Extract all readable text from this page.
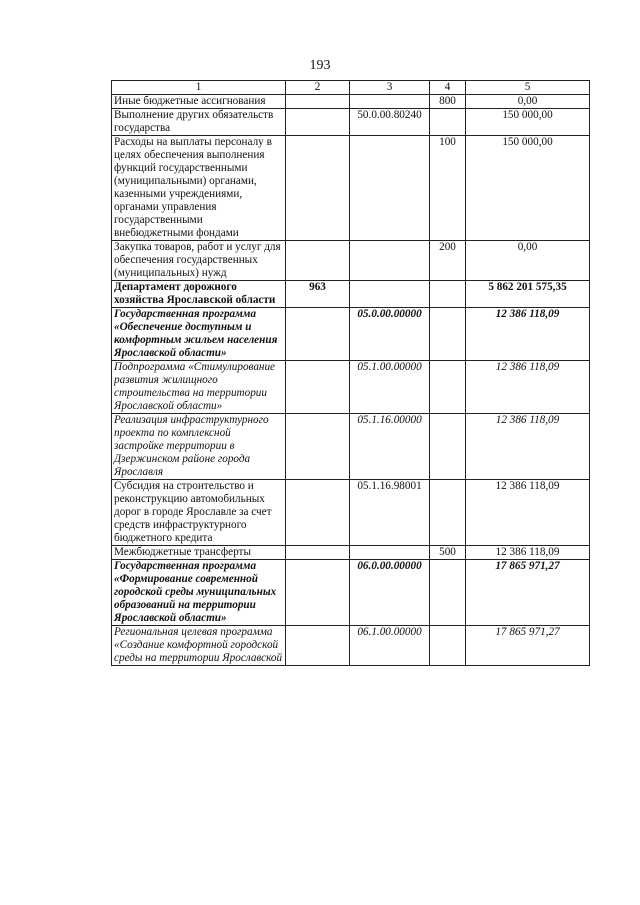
193
1	2	3	4	5
Иные бюджетные ассигнования			800	0,00
Выполнение других обязательств государства		50.0.00.80240		150 000,00
Расходы на выплаты персоналу в целях обеспечения выполнения функций государственными (муниципальными) органами, казенными учреждениями, органами управления государственными внебюджетными фондами			100	150 000,00
Закупка товаров, работ и услуг для обеспечения государственных (муниципальных) нужд			200	0,00
Департамент дорожного хозяйства Ярославской области	963			5 862 201 575,35
Государственная программа «Обеспечение доступным и комфортным жильем населения Ярославской области»		05.0.00.00000		12 386 118,09
Подпрограмма «Стимулирование развития жилищного строительства на территории Ярославской области»		05.1.00.00000		12 386 118,09
Реализация инфраструктурного проекта по комплексной застройке территории в Дзержинском районе города Ярославля		05.1.16.00000		12 386 118,09
Субсидия на строительство и реконструкцию автомобильных дорог в городе Ярославле за счет средств инфраструктурного бюджетного кредита		05.1.16.98001		12 386 118,09
Межбюджетные трансферты			500	12 386 118,09
Государственная программа «Формирование современной городской среды муниципальных образований на территории Ярославской области»		06.0.00.00000		17 865 971,27
Региональная целевая программа «Создание комфортной городской среды на территории Ярославской		06.1.00.00000		17 865 971,27
